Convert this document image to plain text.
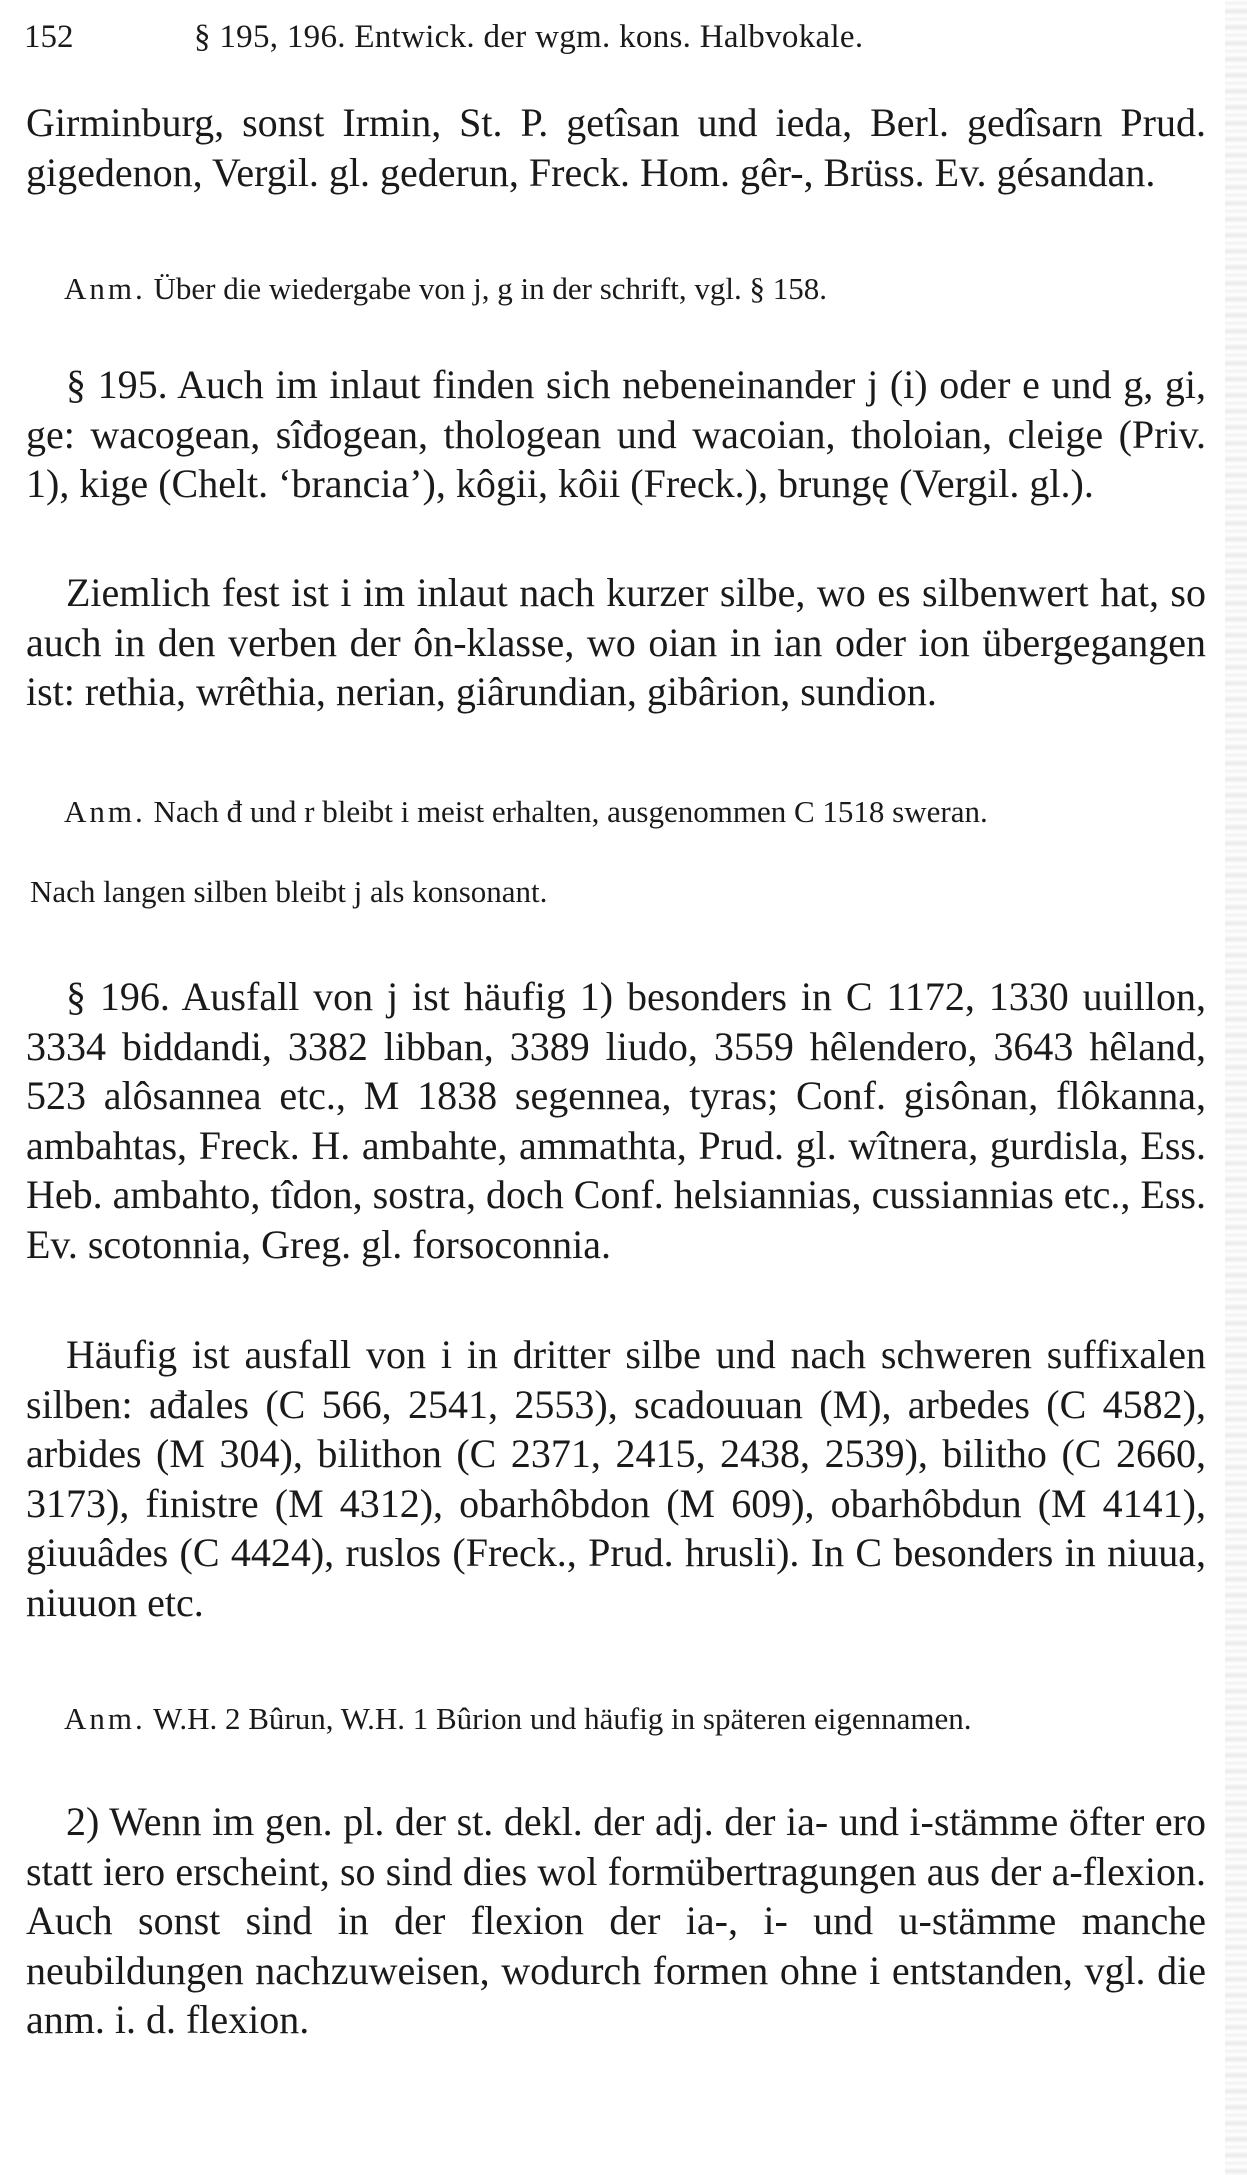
152	§ 195, 196. Entwick. der wgm. kons. Halbvokale.
Girminburg, sonst Irmin, St. P. getîsan und ieda, Berl. gedîsarn Prud. gigedenon, Vergil. gl. gederun, Freck. Hom. gêr-, Brüss. Ev. gésandan.
Anm. Über die wiedergabe von j, g in der schrift, vgl. § 158.
§ 195. Auch im inlaut finden sich nebeneinander j (i) oder e und g, gi, ge: wacogean, sîđogean, thologean und wacoian, tholoian, cleige (Priv. 1), kige (Chelt. ‘brancia’), kôgii, kôii (Freck.), brungę (Vergil. gl.).
Ziemlich fest ist i im inlaut nach kurzer silbe, wo es silbenwert hat, so auch in den verben der ôn-klasse, wo oian in ian oder ion übergegangen ist: rethia, wrêthia, nerian, giârundian, gibârion, sundion.
Anm. Nach đ und r bleibt i meist erhalten, ausgenommen C 1518 sweran.
Nach langen silben bleibt j als konsonant.
§ 196. Ausfall von j ist häufig 1) besonders in C 1172, 1330 uuillon, 3334 biddandi, 3382 libban, 3389 liudo, 3559 hêlendero, 3643 hêland, 523 alôsannea etc., M 1838 segennea, tyras; Conf. gisônan, flôkanna, ambahtas, Freck. H. ambahte, ammathta, Prud. gl. wîtnera, gurdisla, Ess. Heb. ambahto, tîdon, sostra, doch Conf. helsiannias, cussiannias etc., Ess. Ev. scotonnia, Greg. gl. forsoconnia.
Häufig ist ausfall von i in dritter silbe und nach schweren suffixalen silben: ađales (C 566, 2541, 2553), scadouuan (M), arbedes (C 4582), arbides (M 304), bilithon (C 2371, 2415, 2438, 2539), bilitho (C 2660, 3173), finistre (M 4312), obarhôbdon (M 609), obarhôbdun (M 4141), giuuâdes (C 4424), ruslos (Freck., Prud. hrusli). In C besonders in niuua, niuuon etc.
Anm. W.H. 2 Bûrun, W.H. 1 Bûrion und häufig in späteren eigennamen.
2) Wenn im gen. pl. der st. dekl. der adj. der ia- und i-stämme öfter ero statt iero erscheint, so sind dies wol formübertragungen aus der a-flexion. Auch sonst sind in der flexion der ia-, i- und u-stämme manche neubildungen nachzuweisen, wodurch formen ohne i entstanden, vgl. die anm. i. d. flexion.
